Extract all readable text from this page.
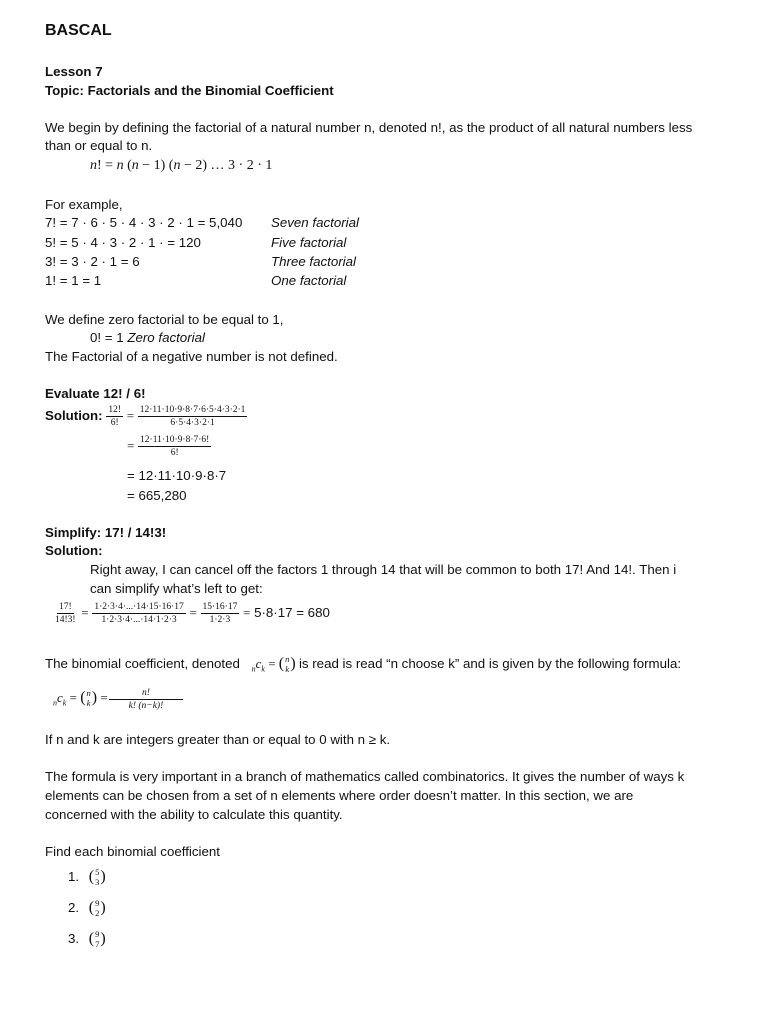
BASCAL
Lesson 7
Topic: Factorials and the Binomial Coefficient
We begin by defining the factorial of a natural number n, denoted n!, as the product of all natural numbers less
than or equal to n.
n! = n (n − 1) (n − 2) … 3 · 2 · 1
For example,
7! = 7 · 6 · 5 · 4 · 3 · 2 · 1 = 5,040 Seven factorial
5! = 5 · 4 · 3 · 2 · 1 · = 120	Five factorial
3! = 3 · 2 · 1 = 6	Three factorial
1! = 1 = 1	One factorial
We define zero factorial to be equal to 1,
0! = 1 Zero factorial
The Factorial of a negative number is not defined.
Evaluate 12! / 6!
Solution: $\frac{12!}{6!} = \frac{12\cdot 11\cdot 10\cdot 9\cdot 8\cdot 7\cdot 6\cdot 5\cdot 4\cdot 3\cdot 2\cdot 1}{6\cdot 5\cdot 4\cdot 3\cdot 2\cdot 1}$
= $\frac{12\cdot 11\cdot 10\cdot 9\cdot 8\cdot 7\cdot 6!}{6!}$
= 12·11·10·9·8·7
= 665,280
Simplify: 17! / 14!3!
Solution:
Right away, I can cancel off the factors 1 through 14 that will be common to both 17! And 14!. Then i
can simplify what’s left to get:
$\frac{17!}{14!3!} = \frac{1\cdot 2\cdot 3\cdot 4\cdot...\cdot 14\cdot 15\cdot 16\cdot 17}{1\cdot 2\cdot 3\cdot 4\cdot...\cdot 14\cdot 1\cdot 2\cdot 3} = \frac{15\cdot 16\cdot 17}{1\cdot 2\cdot 3} = 5\cdot 8\cdot 17 = 680$
The binomial coefficient, denoted $_nc_k$ = ( n
k ) is read is read “n choose k” and is given by the following formula:
$_nc_k$ = ( n
k ) = $\frac{n!}{k! (n-k)!}$
If n and k are integers greater than or equal to 0 with n ≥ k.
The formula is very important in a branch of mathematics called combinatorics. It gives the number of ways k
elements can be chosen from a set of n elements where order doesn’t matter. In this section, we are
concerned with the ability to calculate this quantity.
Find each binomial coefficient
1. ( 5
3 )
2. ( 9
2 )
3. ( 9
7 )
